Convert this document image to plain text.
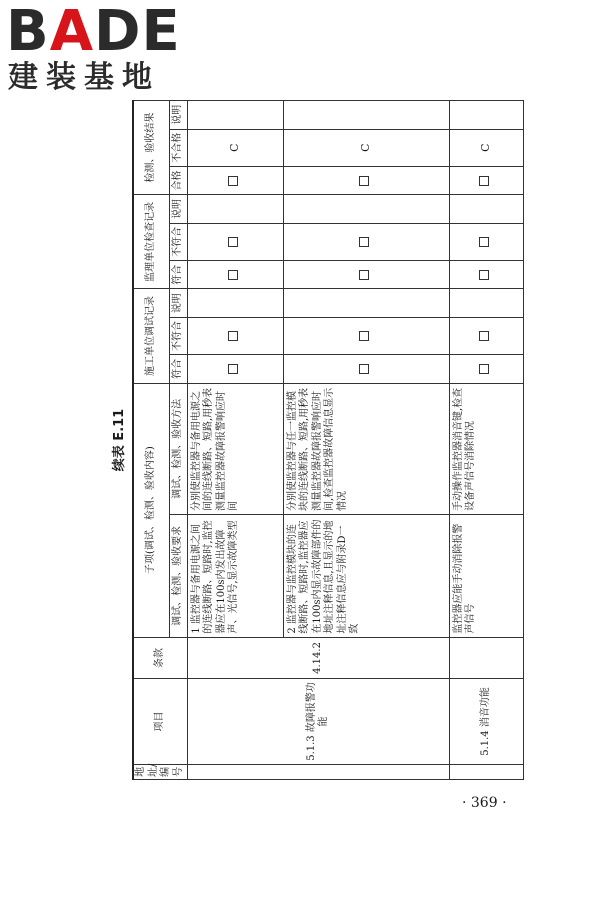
BADE
建装基地
续表 E.11
地址/编号	项目	条款	子项(调试、检测、验收内容)		施工单位调试记录			监理单位检查记录			检测、验收结果		
			调试、检测、验收要求	调试、检测、验收方法	符合	不符合	说明	符合	不符合	说明	合格	不合格	说明
	5.1.3 故障报警功能	4.14.2	1 监控器与备用电源之间的连线断路、短路时,监控器应在100s内发出故障声、光信号,显示故障类型	分别使监控器与备用电源之间的连线断路、短路,用秒表测量监控器故障报警响应时间								C	
			2 监控器与监控模块的连线断路、短路时,监控器应在100s内显示故障部件的地址注释信息,且显示的地址注释信息应与附录D一致	分别使监控器与任一监控模块的连线断路、短路,用秒表测量监控器故障报警响应时间,检查监控器故障信息显示情况								C	
	5.1.4 消音功能		监控器应能手动消除报警声信号	手动操作监控器消音键,检查设备声信号消除情况								C	
· 369 ·
